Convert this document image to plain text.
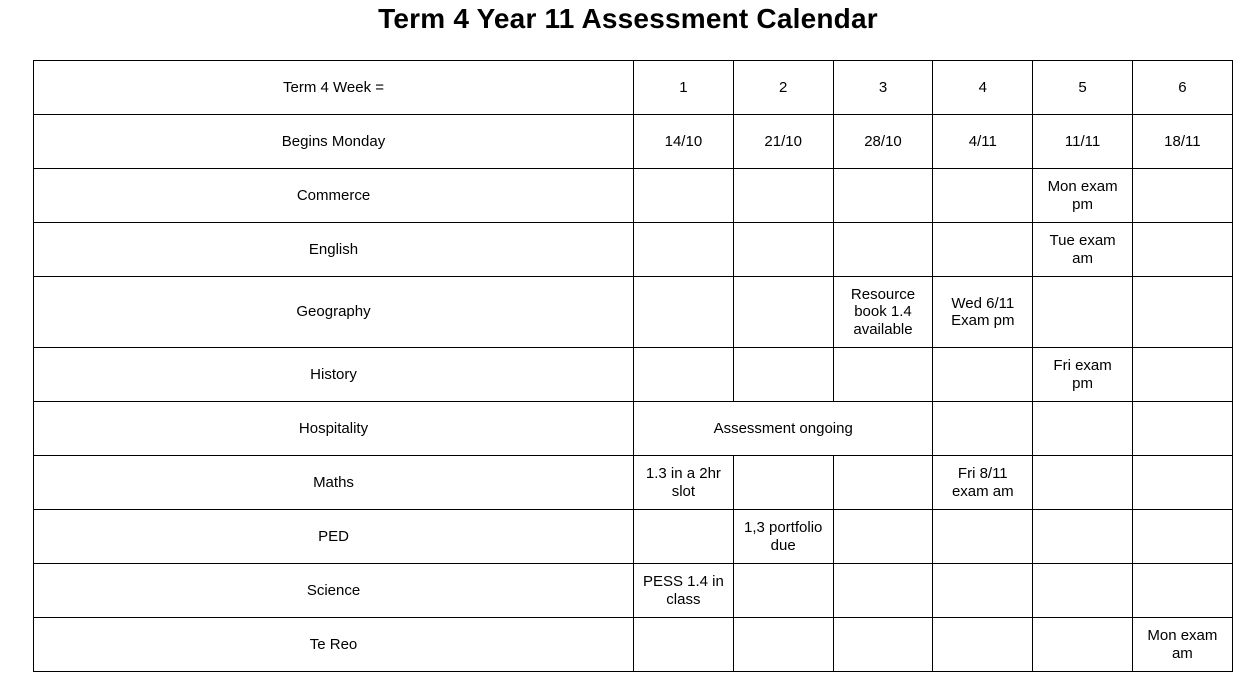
Term 4 Year 11 Assessment Calendar
Term 4 Week =	1	2	3	4	5	6
Begins Monday	14/10	21/10	28/10	4/11	11/11	18/11
Commerce					Mon exam pm	
English					Tue exam am	
Geography			Resource book 1.4 available	Wed 6/11 Exam pm		
History					Fri exam pm	
Hospitality	Assessment ongoing					
Maths	1.3 in a 2hr slot			Fri 8/11 exam am		
PED		1,3 portfolio due				
Science	PESS 1.4 in class					
Te Reo						Mon exam am
